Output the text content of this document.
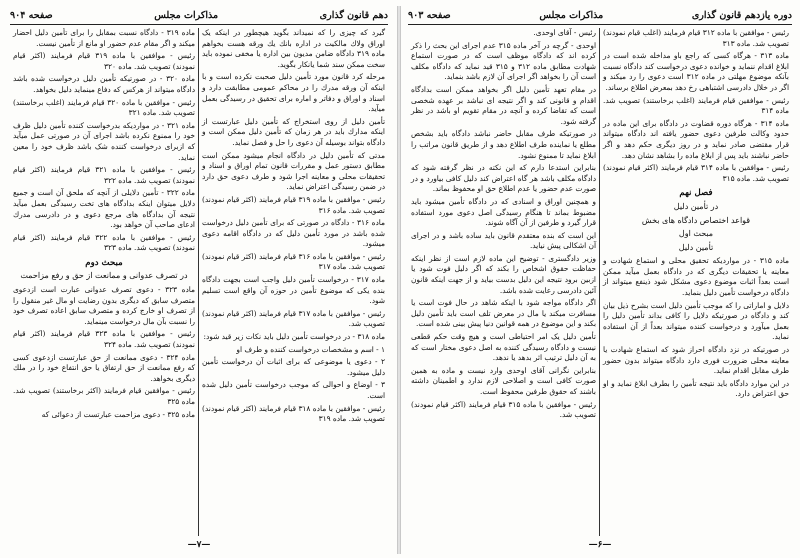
دهم قانون گذاری
مذاکرات مجلس
صفحه ۹۰۴

گیرد که چیزی را که نمیداند بگوید هیچطور در اینکه یک اوراق ولاك مالکیت در اداره بانك يك ورقه هست بخواهم ماده ۳۱۹ دادگاه ضامن مدیون بین اداره یا مخفی نموده باید سخت ممکن سند شما یانکار بگوید.

مرحله کرد قانون مورد تأمین دلیل صحبت نکرده است و با اینکه آن ورقه مدرك را در محاکم عمومی مطابقت دارد و اسناد و اوراق و دفاتر و اماره برای تحقیق در رسیدگی بعمل میآید.

تأمین دلیل از روی استخراج که تأمین دلیل عبارتست از اینکه مدارك باید در هر زمان که تأمین دلیل ممكن است و دادگاه بتواند بوسیله آن دعوی را حل و فصل نماید.

مدتی که تأمین دلیل در دادگاه انجام میشود ممكن است مطابق دستور عمل و مقررات قانون تمام اوراق و اسناد و تحقیقات محلی و معاینه اجرا شود و طرف دعوی حق دارد در ضمن رسیدگی اعتراض نماید.

رئیس - موافقین با ماده ۳۱۹ قیام فرمایند (اکثر قیام نمودند) تصویب شد. ماده ۳۱۶

ماده ۳۱۶ - دادگاه در صورتی که برای تأمین دلیل درخواست شده باشد در مورد تأمین دلیل که در دادگاه اقامه دعوی میشود.

رئیس - موافقین با ماده ۳۱۶ قیام فرمایند (اکثر قیام نمودند) تصویب شد. ماده ۳۱۷

ماده ۳۱۷ - درخواست تأمین دلیل واجب است بجهت دادگاه بنده یکی که موضوع تأمین در حوزه آن واقع است تسلیم شود.

رئیس - موافقین با ماده ۳۱۷ قیام فرمایند (اکثر قیام نمودند) تصویب شد.

ماده ۳۱۸ - در درخواست تأمین دلیل باید نکات زیر قید شود:

۱ - اسم و مشخصات درخواست کننده و طرف او

۲ - دعوی یا موضوعی که برای اثبات آن درخواست تأمین دلیل میشود.

۳ - اوضاع و احوالی که موجب درخواست تأمین دلیل شده است.

رئیس - موافقین با ماده ۳۱۸ قیام فرمایند (اکثر قیام نمودند) تصویب شد. ماده ۳۱۹

ماده ۳۱۹ - دادگاه نسبت بمقابل را برای تأمین دلیل احضار میکند و اگر مقام عدم حضور او مانع از تأمین نیست.

رئیس - موافقین با ماده ۳۱۹ قیام فرمایند (اکثر قیام نمودند) تصویب شد. ماده ۳۲۰

ماده ۳۲۰ - در صورتیکه تأمین دلیل درخواست شده باشد دادگاه میتواند از هرکس که دفاع مینماید دلیل بخواهد.

رئیس - موافقین با ماده ۳۲۰ قیام فرمایند (اغلب برخاستند) تصویب شد. ماده ۳۲۱

ماده ۳۲۱ - در مواردیکه بدرخواست کننده تأمین دلیل ظرف خود را ممنوع نکرده باشد اجرای آن در صورتی عمل میآید که ازبرای درخواست کننده شک باشد ظرف خود را معین نماید.

رئیس - موافقین با ماده ۳۲۱ قیام فرمایند (اکثر قیام نمودند) تصویب شد. ماده ۳۲۲

ماده ۳۲۲ - تأمین دلایلی از آنچه که ملحق آن است و جمیع دلایل میتوان اینکه بدادگاه های تخت رسیدگی بعمل میآید نتیجه آن بدادگاه های مرجع دعوی و در دادرسی مدرك ادعای صاحب آن خواهد بود.

رئیس - موافقین با ماده ۳۲۲ قیام فرمایند (اکثر قیام نمودند) تصویب شد. ماده ۳۲۳

مبحث دوم
در تصرف عدوانی و ممانعت از حق و رفع مزاحمت

ماده ۳۲۳ - دعوی تصرف عدوانی عبارت است ازدعوی متصرف سابق که دیگری بدون رضایت او مال غیر منقول را از تصرف او خارج کرده و متصرف سابق اعاده تصرف خود را نسبت بآن مال درخواست مینماید.

رئیس - موافقین با ماده ۳۲۳ قیام فرمایند (اکثر قیام نمودند) تصویب شد. ماده ۳۲۴

ماده ۳۲۴ - دعوی ممانعت از حق عبارتست ازدعوی کسی که رفع ممانعت از حق ارتفاق یا حق انتفاع خود را در ملك دیگری بخواهد.

رئیس - موافقین قیام فرمایند (اکثر برخاستند) تصویب شد. ماده ۳۲۵

ماده ۳۲۵ - دعوی مزاحمت عبارتست از دعوائی که

—۷—
دوره یازدهم قانون گذاری
مذاکرات مجلس
صفحه ۹۰۳

رئیس - موافقین با ماده ۳۱۲ قیام فرمایند (اغلب قیام نمودند) تصویب شد. ماده ۳۱۳

ماده ۳۱۳ - هرگاه کسی که راجع باو مداخله شده است در ابلاغ اقدام ننماید و خوانده دعوی درخواست کند دادگاه نسبت بآنکه موضوع مهلتی در ماده ۳۱۲ است دعوی را رد میکند و اگر در خلال دادرسی اشتباهی رخ دهد بمعرض اطلاع برساند.

رئیس - موافقین قیام فرمایند (اغلب برخاستند) تصویب شد. ماده ۳۱۴

ماده ۳۱۴ - هرگاه دوره قضاوت در دادگاه برای این ماده در حدود وکالت طرفین دعوی حضور یافته اند دادگاه میتواند قرار مقتضی صادر نماید و در روز دیگری حکم دهد و اگر حاضر نباشند باید پس از ابلاغ ماده را بشاهد نشان دهد.

رئیس - موافقین با ماده ۳۱۴ قیام فرمایند (اکثر قیام نمودند) تصویب شد. ماده ۳۱۵

فصل نهم
در تأمین دلیل
قواعد اختصاص دادگاه های بخش
مبحث اول
تأمین دلیل

ماده ۳۱۵ - در مواردیکه تحقیق محلی و استماع شهادت و معاینه یا تحقیقات دیگری که در دادگاه بعمل میآید ممکن است بعداً اثبات موضوع دعوی مشکل شود ذینفع میتواند از دادگاه درخواست تأمین دلیل بنماید.

دلایل و اماراتی را که موجب تأمین دلیل است بشرح ذیل بیان کند و دادگاه در صورتیکه دلایل را کافی بداند تأمین دلیل را بعمل میآورد و درخواست کننده میتواند بعداً از آن استفاده نماید.

در صورتیکه در نزد دادگاه احراز شود که استماع شهادت یا معاینه محلی ضرورت فوری دارد دادگاه میتواند بدون حضور طرف مقابل اقدام نماید.

در این موارد دادگاه باید نتیجه تأمین را بطرف ابلاغ نماید و او حق اعتراض دارد.

رئیس - آقای اوحدی.

اوحدی - گرچه در آخر ماده ۳۱۵ عدم اجرای این بحث را ذکر کرده اند که دادگاه موظف است که در صورت استماع شهادت مطابق ماده ۳۱۲ و ۳۱۵ قید نماید که دادگاه مکلف است آن را بخواهد اگر اجرای آن لازم باشد بنماید.

در مقام تعهد تأمین دلیل اگر بخواهد ممکن است بدادگاه اقدام و قانونی کند و اگر نتیجه ای نباشد بر عهده شخصی است که تقاضا کرده و آنچه در مقام تقویم او باشد در نظر گرفته شود.

در صورتیکه طرف مقابل حاضر نباشد دادگاه باید بشخص مطلع یا نماینده طرف اطلاع دهد و از طریق قانون مراتب را ابلاغ نماید تا ممنوع نشود.

بنابراین استدعا دارم که این نکته در نظر گرفته شود که دادگاه مکلف باشد هر گاه اعتراض کند دلیل کافی بیاورد و در صورت عدم حضور یا عدم اطلاع حق او محفوظ بماند.

و همچنین اوراق و اسنادی که در دادگاه تأمین میشود باید مضبوط بماند تا هنگام رسیدگی اصل دعوی مورد استفاده قرار گیرد و طرفین از آن آگاه شوند.

این است که بنده معتقدم قانون باید ساده باشد و در اجرای آن اشکالی پیش نیاید.

وزیر دادگستری - توضیح این ماده لازم است از نظر اینکه حفاظت حقوق اشخاص را بکند که اگر دلیل فوت شود یا ازبین برود نتیجه این دلیل بدست بیاید و از جهت اینکه قانون آئین دادرسی رعایت شده باشد.

اگر دادگاه مواجه شود با اینکه شاهد در حال فوت است یا مسافرت میکند یا مال در معرض تلف است باید تأمین دلیل بکند و این موضوع در همه قوانین دنیا پیش بینی شده است.

تأمین دلیل یک امر احتیاطی است و هیچ وقت حکم قطعی نیست و دادگاه رسیدگی کننده به اصل دعوی مختار است که به آن دلیل ترتیب اثر بدهد یا ندهد.

بنابراین نگرانی آقای اوحدی وارد نیست و ماده به همین صورت کافی است و اصلاحی لازم ندارد و اطمینان داشته باشند که حقوق طرفین محفوظ است.

رئیس - موافقین با ماده ۳۱۵ قیام فرمایند (اکثر قیام نمودند) تصویب شد.

—۶—
